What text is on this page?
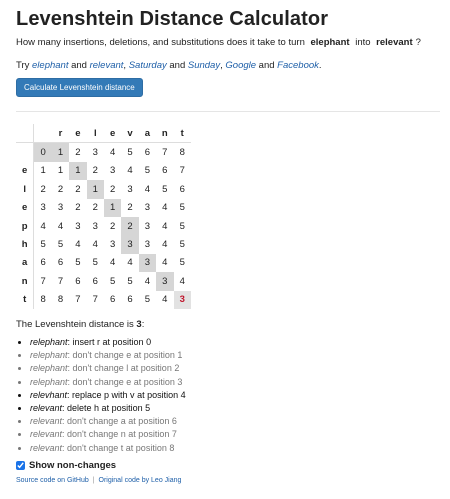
Levenshtein Distance Calculator

How many insertions, deletions, and substitutions does it take to turn elephant into relevant ?

Try elephant and relevant, Saturday and Sunday, Google and Facebook.

Calculate Levenshtein distance
		r	e	l	e	v	a	n	t
	0	1	2	3	4	5	6	7	8
e	1	1	1	2	3	4	5	6	7
l	2	2	2	1	2	3	4	5	6
e	3	3	2	2	1	2	3	4	5
p	4	4	3	3	2	2	3	4	5
h	5	5	4	4	3	3	3	4	5
a	6	6	5	5	4	4	3	4	5
n	7	7	6	6	5	5	4	3	4
t	8	8	7	7	6	6	5	4	3

The Levenshtein distance is 3:

• relephant: insert r at position 0
• relephant: don't change e at position 1
• relephant: don't change l at position 2
• relephant: don't change e at position 3
• relevhant: replace p with v at position 4
• relevant: delete h at position 5
• relevant: don't change a at position 6
• relevant: don't change n at position 7
• relevant: don't change t at position 8
Show non-changes
Source code on GitHub | Original code by Leo Jiang
